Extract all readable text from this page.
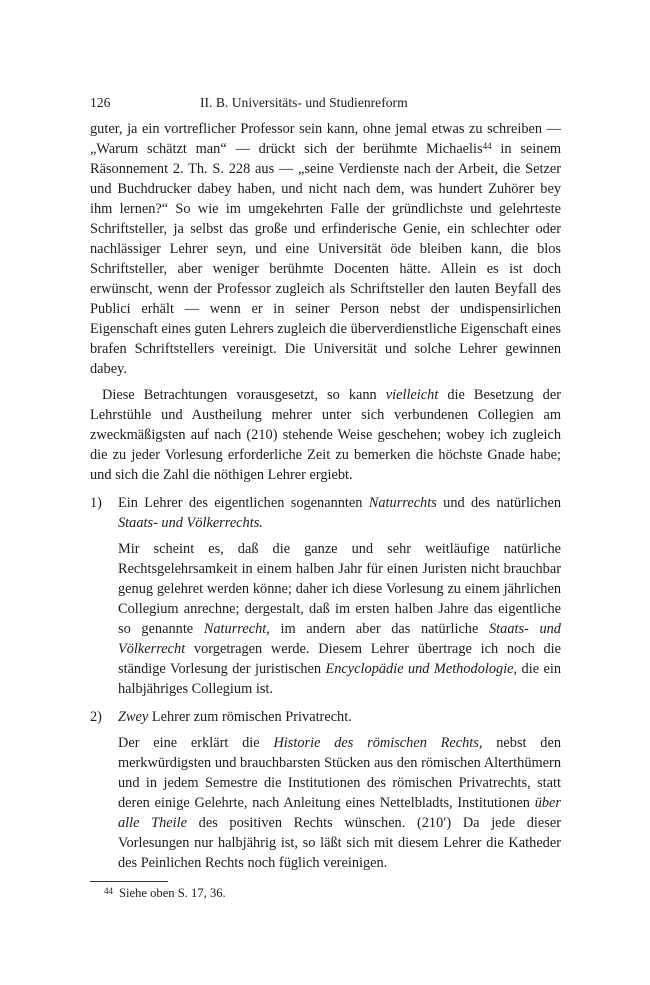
126	II. B. Universitäts- und Studienreform

guter, ja ein vortreflicher Professor sein kann, ohne jemal etwas zu schreiben — „Warum schätzt man“ — drückt sich der berühmte Michaelis$^{44}$ in seinem Räsonnement 2. Th. S. 228 aus — „seine Verdienste nach der Arbeit, die Setzer und Buchdrucker dabey haben, und nicht nach dem, was hundert Zuhörer bey ihm lernen?“ So wie im umgekehrten Falle der gründlichste und gelehrteste Schriftsteller, ja selbst das große und erfinderische Genie, ein schlechter oder nachlässiger Lehrer seyn, und eine Universität öde bleiben kann, die blos Schriftsteller, aber weniger berühmte Docenten hätte. Allein es ist doch erwünscht, wenn der Professor zugleich als Schriftsteller den lauten Beyfall des Publici erhält — wenn er in seiner Person nebst der undispensirlichen Eigenschaft eines guten Lehrers zugleich die überverdienstliche Eigenschaft eines brafen Schriftstellers vereinigt. Die Universität und solche Lehrer gewinnen dabey.

Diese Betrachtungen vorausgesetzt, so kann vielleicht die Besetzung der Lehrstühle und Austheilung mehrer unter sich verbundenen Collegien am zweckmäßigsten auf nach (210) stehende Weise geschehen; wobey ich zugleich die zu jeder Vorlesung erforderliche Zeit zu bemerken die höchste Gnade habe; und sich die Zahl die nöthigen Lehrer ergiebt.

1) Ein Lehrer des eigentlichen sogenannten Naturrechts und des natürlichen Staats- und Völkerrechts.

Mir scheint es, daß die ganze und sehr weitläufige natürliche Rechtsgelehrsamkeit in einem halben Jahr für einen Juristen nicht brauchbar genug gelehret werden könne; daher ich diese Vorlesung zu einem jährlichen Collegium anrechne; dergestalt, daß im ersten halben Jahre das eigentliche so genannte Naturrecht, im andern aber das natürliche Staats- und Völkerrecht vorgetragen werde. Diesem Lehrer übertrage ich noch die ständige Vorlesung der juristischen Encyclopädie und Methodologie, die ein halbjähriges Collegium ist.

2) Zwey Lehrer zum römischen Privatrecht.

Der eine erklärt die Historie des römischen Rechts, nebst den merkwürdigsten und brauchbarsten Stücken aus den römischen Alterthümern und in jedem Semestre die Institutionen des römischen Privatrechts, statt deren einige Gelehrte, nach Anleitung eines Nettelbladts, Institutionen über alle Theile des positiven Rechts wünschen. (210′) Da jede dieser Vorlesungen nur halbjährig ist, so läßt sich mit diesem Lehrer die Katheder des Peinlichen Rechts noch füglich vereinigen.

$^{44}$ Siehe oben S. 17, 36.
